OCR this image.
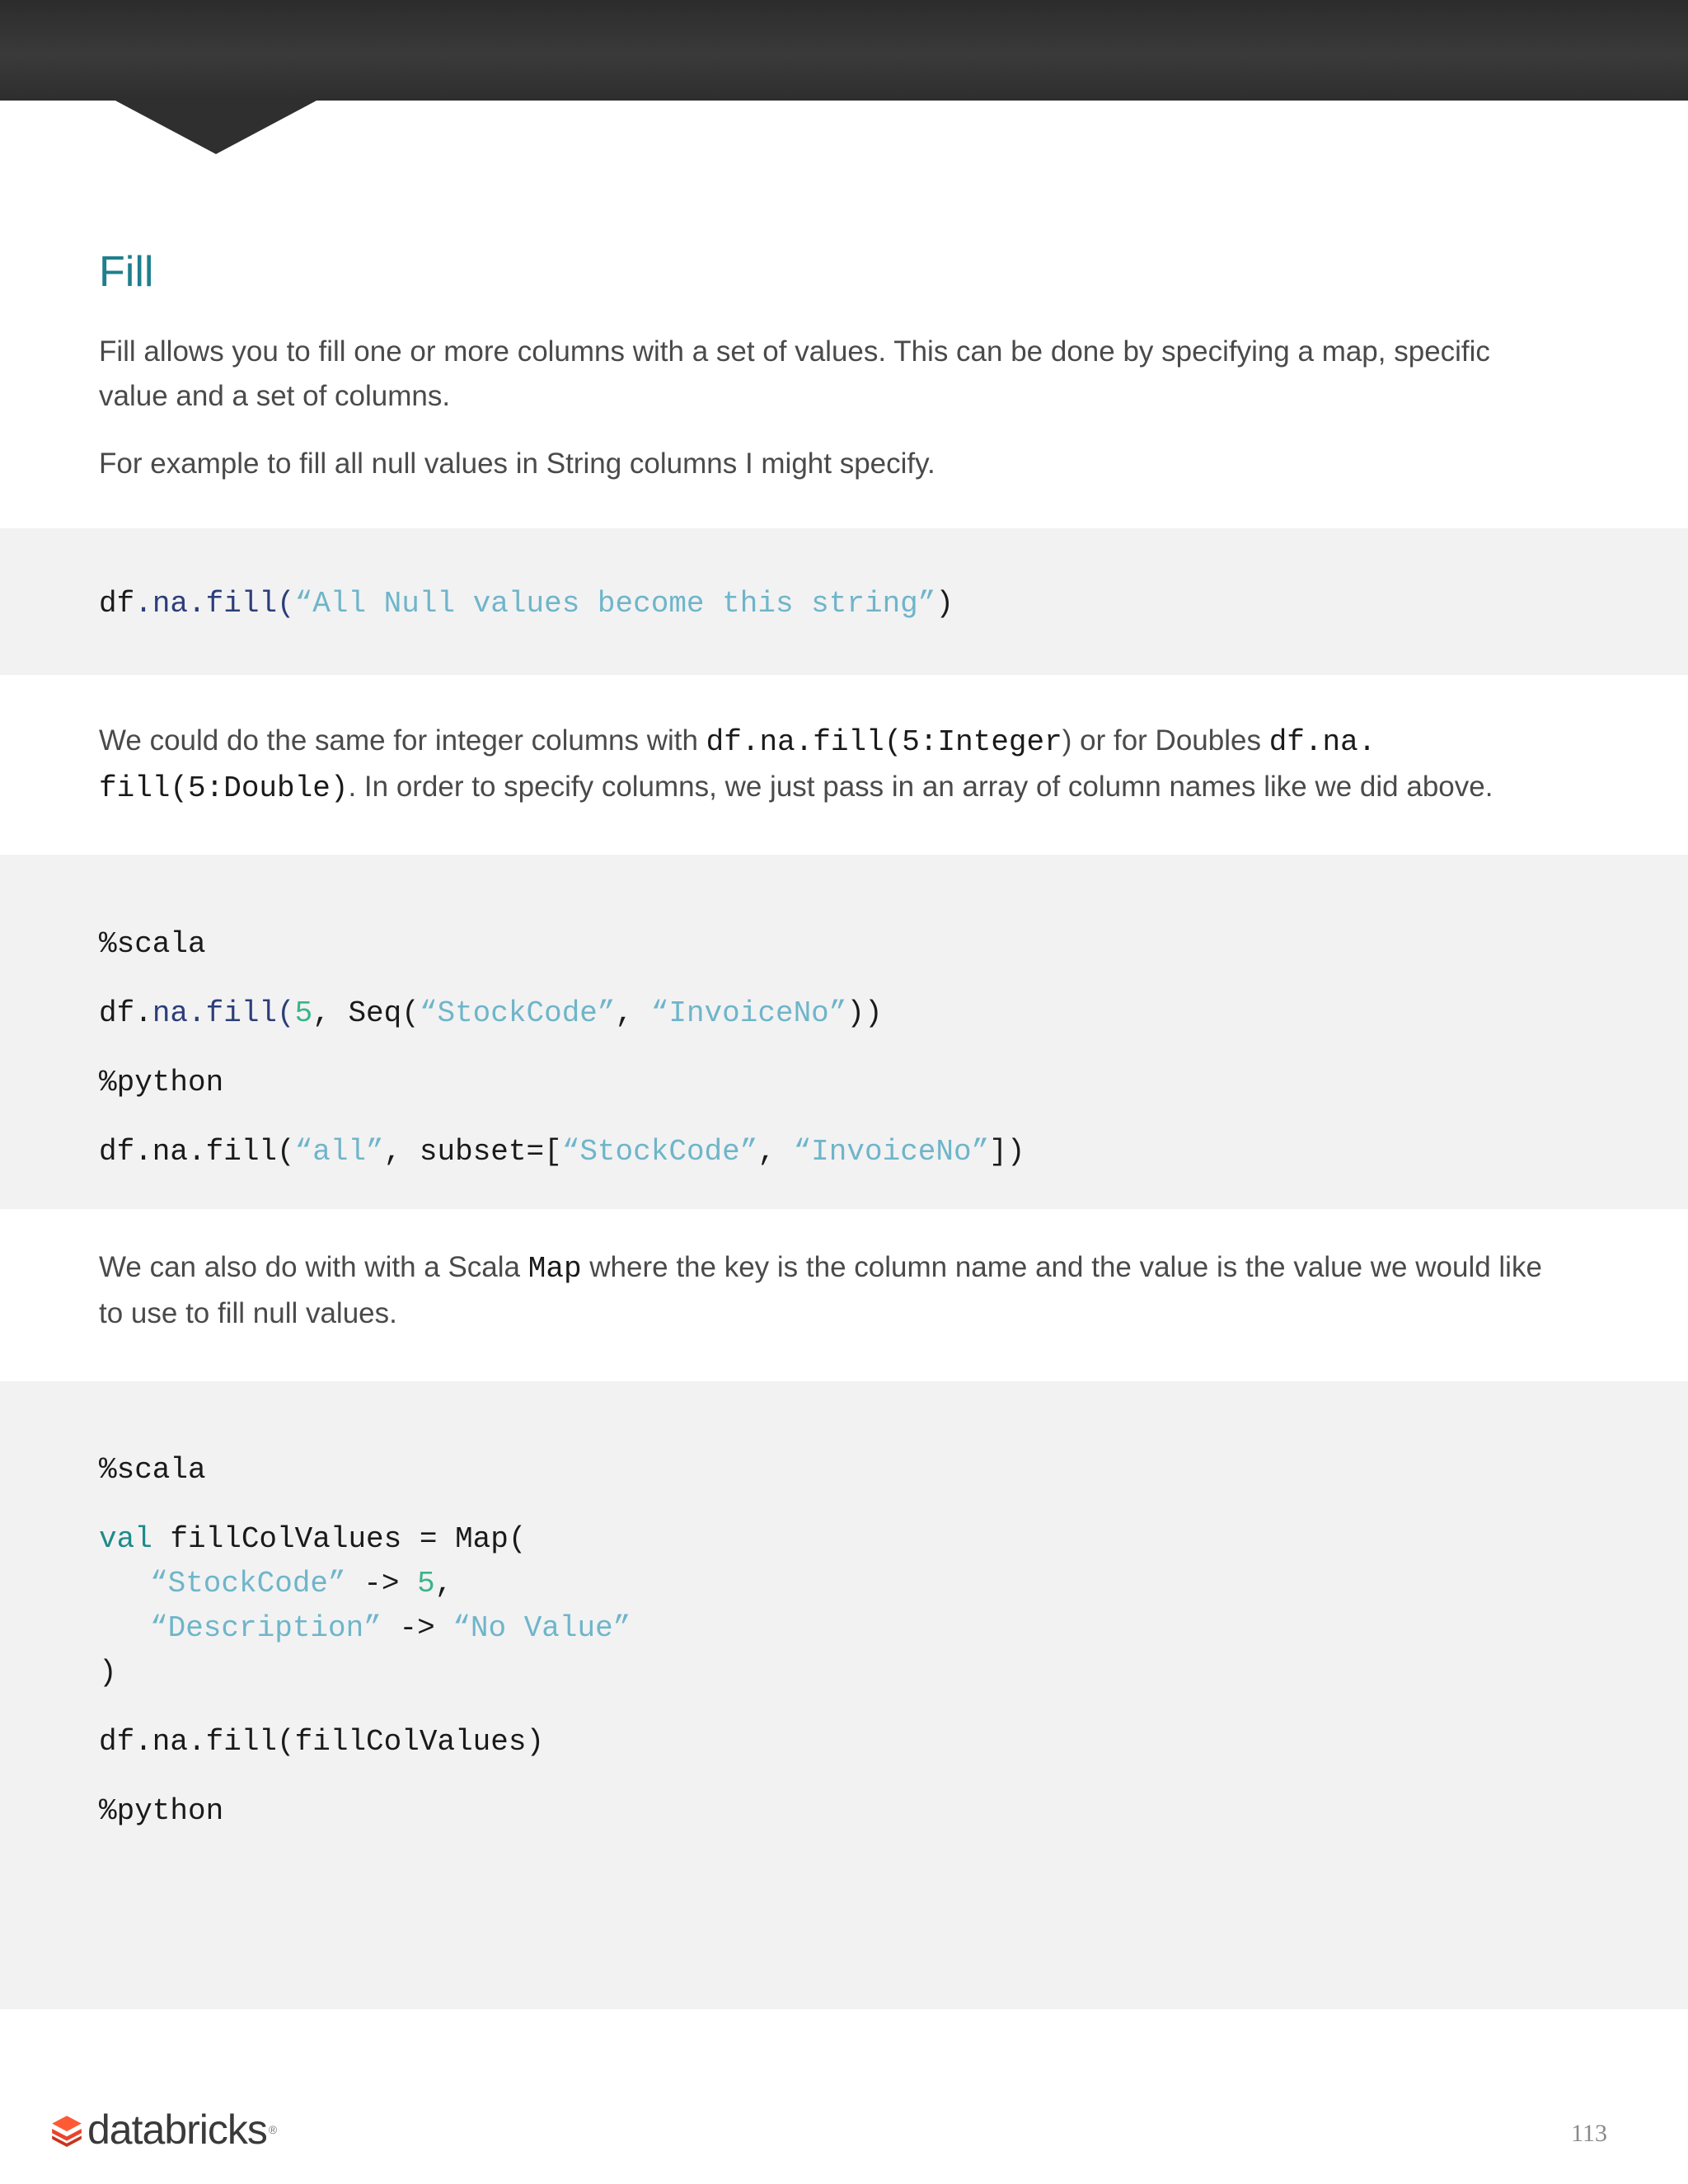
Fill

Fill allows you to fill one or more columns with a set of values. This can be done by specifying a map, specific value and a set of columns.

For example to fill all null values in String columns I might specify.

df.na.fill(“All Null values become this string”)

We could do the same for integer columns with df.na.fill(5:Integer) or for Doubles df.na.
fill(5:Double). In order to specify columns, we just pass in an array of column names like we did above.

%scala
df.na.fill(5, Seq(“StockCode”, “InvoiceNo”))
%python
df.na.fill(“all”, subset=[“StockCode”, “InvoiceNo”])

We can also do with with a Scala Map where the key is the column name and the value is the value we would like to use to fill null values.

%scala
val fillColValues = Map(
“StockCode” -> 5,
“Description” -> “No Value”
)
df.na.fill(fillColValues)
%python
databricks ®	113
